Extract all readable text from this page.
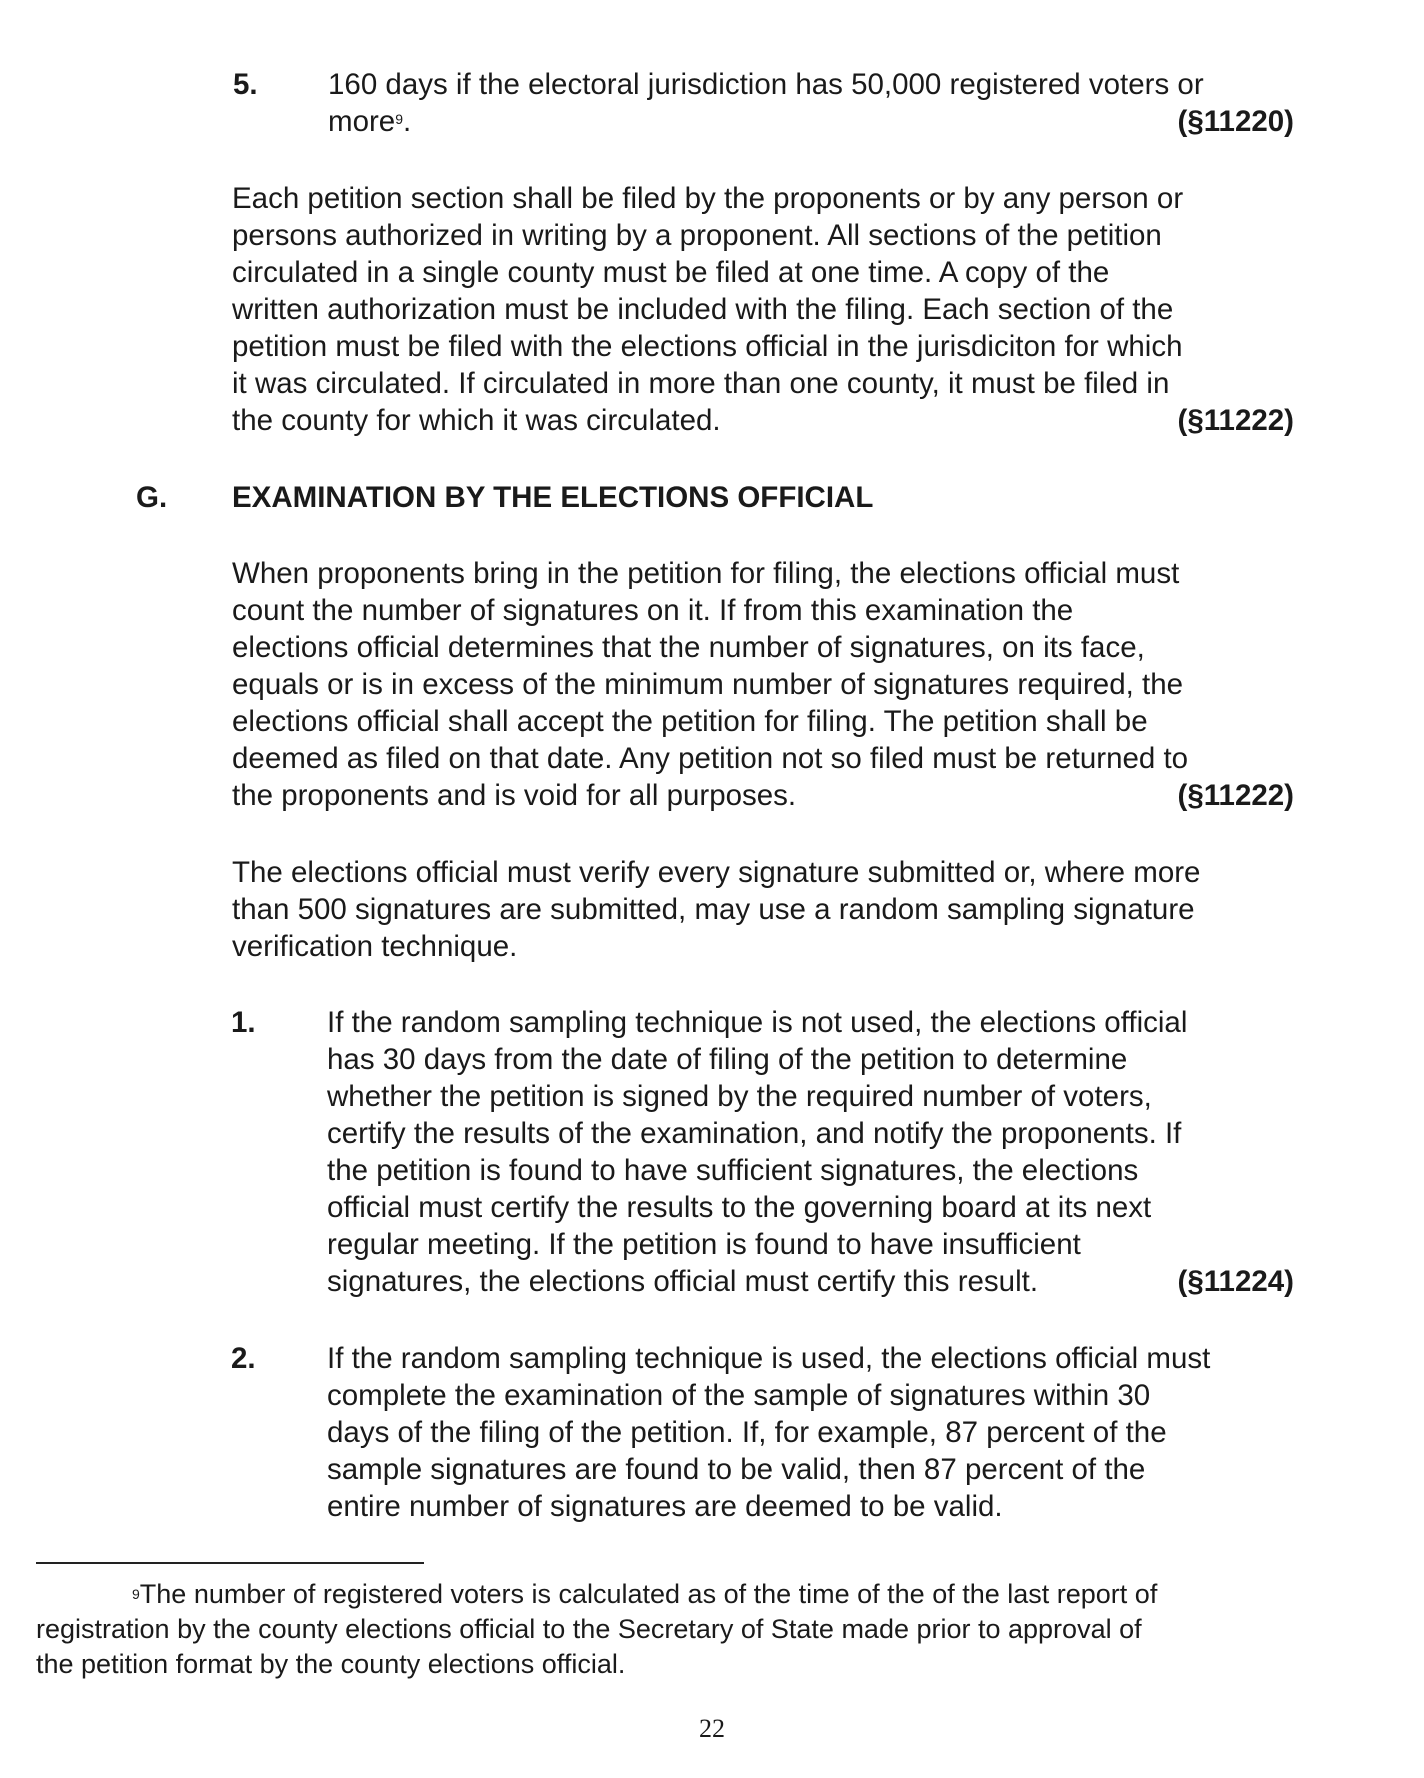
5. 160 days if the electoral jurisdiction has 50,000 registered voters or
more$^9$.	(§11220)
Each petition section shall be filed by the proponents or by any person or
persons authorized in writing by a proponent. All sections of the petition
circulated in a single county must be filed at one time. A copy of the
written authorization must be included with the filing. Each section of the
petition must be filed with the elections official in the jurisdiciton for which
it was circulated. If circulated in more than one county, it must be filed in
the county for which it was circulated.	(§11222)
G. EXAMINATION BY THE ELECTIONS OFFICIAL
When proponents bring in the petition for filing, the elections official must
count the number of signatures on it. If from this examination the
elections official determines that the number of signatures, on its face,
equals or is in excess of the minimum number of signatures required, the
elections official shall accept the petition for filing. The petition shall be
deemed as filed on that date. Any petition not so filed must be returned to
the proponents and is void for all purposes.	(§11222)
The elections official must verify every signature submitted or, where more
than 500 signatures are submitted, may use a random sampling signature
verification technique.
1. If the random sampling technique is not used, the elections official
has 30 days from the date of filing of the petition to determine
whether the petition is signed by the required number of voters,
certify the results of the examination, and notify the proponents. If
the petition is found to have sufficient signatures, the elections
official must certify the results to the governing board at its next
regular meeting. If the petition is found to have insufficient
signatures, the elections official must certify this result.	(§11224)
2. If the random sampling technique is used, the elections official must
complete the examination of the sample of signatures within 30
days of the filing of the petition. If, for example, 87 percent of the
sample signatures are found to be valid, then 87 percent of the
entire number of signatures are deemed to be valid.
$^9$The number of registered voters is calculated as of the time of the of the last report of
registration by the county elections official to the Secretary of State made prior to approval of
the petition format by the county elections official.
22
